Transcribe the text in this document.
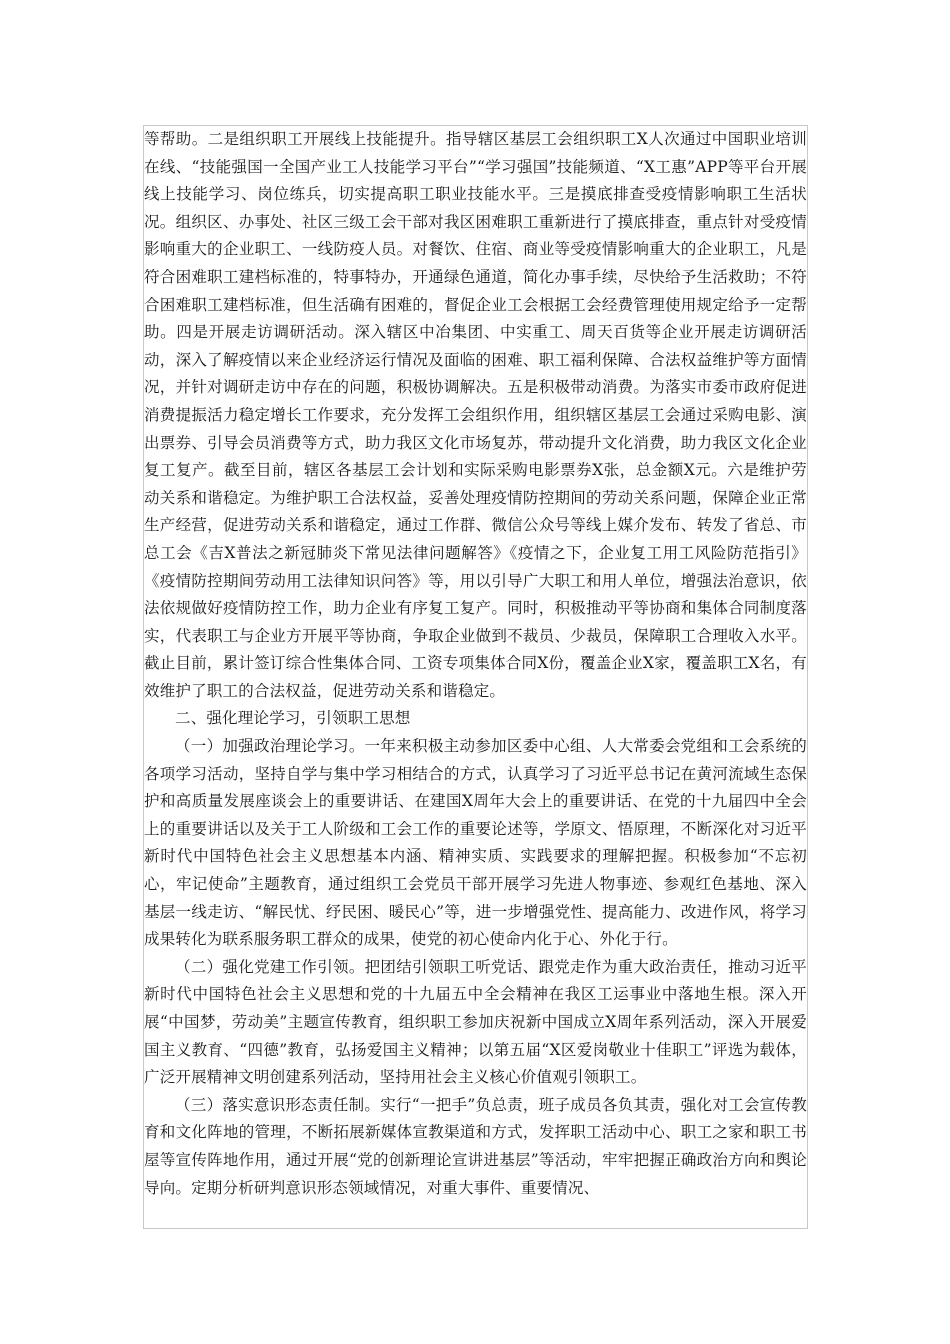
等帮助。二是组织职工开展线上技能提升。指导辖区基层工会组织职工X人次通过中国职业培训在线、“技能强国一全国产业工人技能学习平台”“学习强国”技能频道、“X工惠”APP等平台开展线上技能学习、岗位练兵，切实提高职工职业技能水平。三是摸底排查受疫情影响职工生活状况。组织区、办事处、社区三级工会干部对我区困难职工重新进行了摸底排查，重点针对受疫情影响重大的企业职工、一线防疫人员。对餐饮、住宿、商业等受疫情影响重大的企业职工，凡是符合困难职工建档标准的，特事特办，开通绿色通道，简化办事手续，尽快给予生活救助；不符合困难职工建档标准，但生活确有困难的，督促企业工会根据工会经费管理使用规定给予一定帮助。四是开展走访调研活动。深入辖区中冶集团、中实重工、周天百货等企业开展走访调研活动，深入了解疫情以来企业经济运行情况及面临的困难、职工福利保障、合法权益维护等方面情况，并针对调研走访中存在的问题，积极协调解决。五是积极带动消费。为落实市委市政府促进消费提振活力稳定增长工作要求，充分发挥工会组织作用，组织辖区基层工会通过采购电影、演出票券、引导会员消费等方式，助力我区文化市场复苏，带动提升文化消费，助力我区文化企业复工复产。截至目前，辖区各基层工会计划和实际采购电影票券X张，总金额X元。六是维护劳动关系和谐稳定。为维护职工合法权益，妥善处理疫情防控期间的劳动关系问题，保障企业正常生产经营，促进劳动关系和谐稳定，通过工作群、微信公众号等线上媒介发布、转发了省总、市总工会《吉X普法之新冠肺炎下常见法律问题解答》《疫情之下，企业复工用工风险防范指引》《疫情防控期间劳动用工法律知识问答》等，用以引导广大职工和用人单位，增强法治意识，依法依规做好疫情防控工作，助力企业有序复工复产。同时，积极推动平等协商和集体合同制度落实，代表职工与企业方开展平等协商，争取企业做到不裁员、少裁员，保障职工合理收入水平。截止目前，累计签订综合性集体合同、工资专项集体合同X份，覆盖企业X家，覆盖职工X名，有效维护了职工的合法权益，促进劳动关系和谐稳定。

二、强化理论学习，引领职工思想

（一）加强政治理论学习。一年来积极主动参加区委中心组、人大常委会党组和工会系统的各项学习活动，坚持自学与集中学习相结合的方式，认真学习了习近平总书记在黄河流域生态保护和高质量发展座谈会上的重要讲话、在建国X周年大会上的重要讲话、在党的十九届四中全会上的重要讲话以及关于工人阶级和工会工作的重要论述等，学原文、悟原理，不断深化对习近平新时代中国特色社会主义思想基本内涵、精神实质、实践要求的理解把握。积极参加“不忘初心，牢记使命”主题教育，通过组织工会党员干部开展学习先进人物事迹、参观红色基地、深入基层一线走访、“解民忧、纾民困、暖民心”等，进一步增强党性、提高能力、改进作风，将学习成果转化为联系服务职工群众的成果，使党的初心使命内化于心、外化于行。

（二）强化党建工作引领。把团结引领职工听党话、跟党走作为重大政治责任，推动习近平新时代中国特色社会主义思想和党的十九届五中全会精神在我区工运事业中落地生根。深入开展“中国梦，劳动美”主题宣传教育，组织职工参加庆祝新中国成立X周年系列活动，深入开展爱国主义教育、“四德”教育，弘扬爱国主义精神；以第五届“X区爱岗敬业十佳职工”评选为载体，广泛开展精神文明创建系列活动，坚持用社会主义核心价值观引领职工。

（三）落实意识形态责任制。实行“一把手”负总责，班子成员各负其责，强化对工会宣传教育和文化阵地的管理，不断拓展新媒体宣教渠道和方式，发挥职工活动中心、职工之家和职工书屋等宣传阵地作用，通过开展“党的创新理论宣讲进基层”等活动，牢牢把握正确政治方向和舆论导向。定期分析研判意识形态领域情况，对重大事件、重要情况、
